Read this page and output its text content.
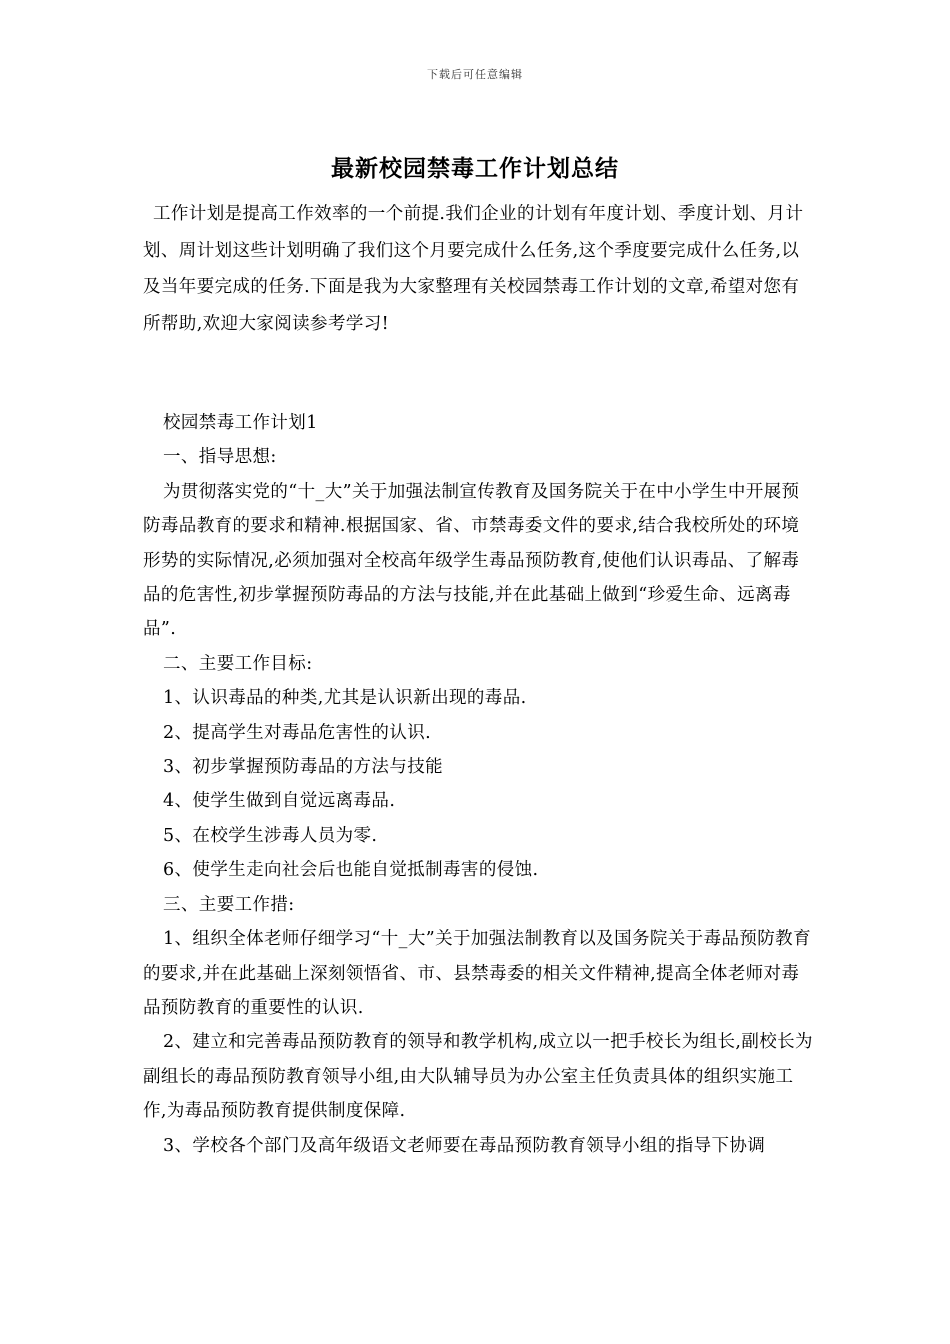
下载后可任意编辑
最新校园禁毒工作计划总结

工作计划是提高工作效率的一个前提.我们企业的计划有年度计划、季度计划、月计划、周计划这些计划明确了我们这个月要完成什么任务,这个季度要完成什么任务,以及当年要完成的任务.下面是我为大家整理有关校园禁毒工作计划的文章,希望对您有所帮助,欢迎大家阅读参考学习!

校园禁毒工作计划1

一、指导思想:

为贯彻落实党的“十_大”关于加强法制宣传教育及国务院关于在中小学生中开展预防毒品教育的要求和精神.根据国家、省、市禁毒委文件的要求,结合我校所处的环境形势的实际情况,必须加强对全校高年级学生毒品预防教育,使他们认识毒品、了解毒品的危害性,初步掌握预防毒品的方法与技能,并在此基础上做到“珍爱生命、远离毒品”.

二、主要工作目标:

1、认识毒品的种类,尤其是认识新出现的毒品.

2、提高学生对毒品危害性的认识.

3、初步掌握预防毒品的方法与技能

4、使学生做到自觉远离毒品.

5、在校学生涉毒人员为零.

6、使学生走向社会后也能自觉抵制毒害的侵蚀.

三、主要工作措:

1、组织全体老师仔细学习“十_大”关于加强法制教育以及国务院关于毒品预防教育的要求,并在此基础上深刻领悟省、市、县禁毒委的相关文件精神,提高全体老师对毒品预防教育的重要性的认识.

2、建立和完善毒品预防教育的领导和教学机构,成立以一把手校长为组长,副校长为副组长的毒品预防教育领导小组,由大队辅导员为办公室主任负责具体的组织实施工作,为毒品预防教育提供制度保障.

3、学校各个部门及高年级语文老师要在毒品预防教育领导小组的指导下协调
